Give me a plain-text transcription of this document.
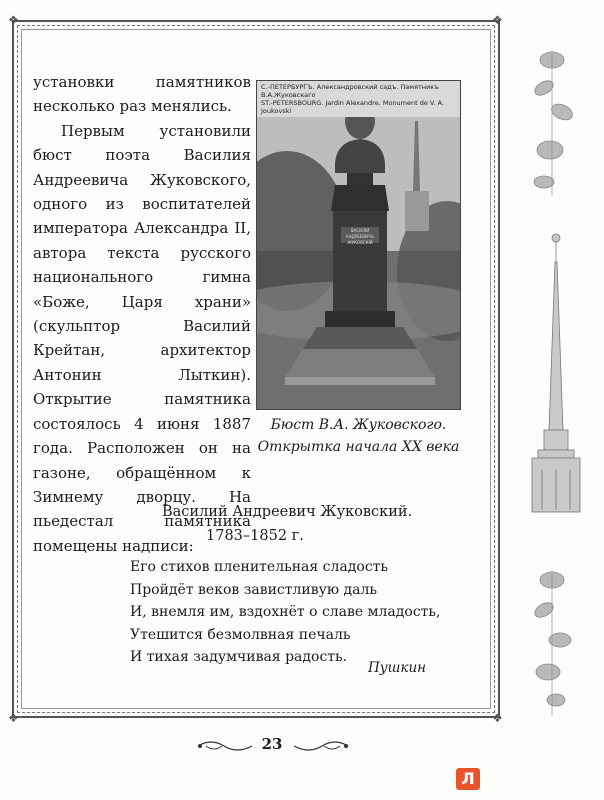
❖	❖
❖	❖

установки памятников несколько раз менялись.

Первым установили бюст поэта Василия Андреевича Жуковского, одного из воспитателей императора Александра II, автора текста русского национального гимна «Боже, Царя храни» (скульптор Василий Крейтан, архитектор Антонин Лыткин). Открытие памятника состоялось 4 июня 1887 года. Расположен он на газоне, обращённом к Зимнему дворцу. На пьедестал памятника помещены надписи:

С.-ПЕТЕРБУРГЪ. Александровский садъ. Памятникъ В.А.Жуковскаго
ST.-PETERSBOURG. Jardin Alexandre. Monument de V. A. Joukovski
ВАСИЛІЙ АНДРЕЕВИЧЪ
ЖУКОВСКІЙ
Бюст В.А. Жуковского.
Открытка начала XX века
Василий Андреевич Жуковский.
1783–1852 г.
Его стихов пленительная сладость
Пройдёт веков завистливую даль
И, внемля им, вздохнёт о славе младость,
Утешится безмолвная печаль
И тихая задумчивая радость.
Пушкин
23
Л
